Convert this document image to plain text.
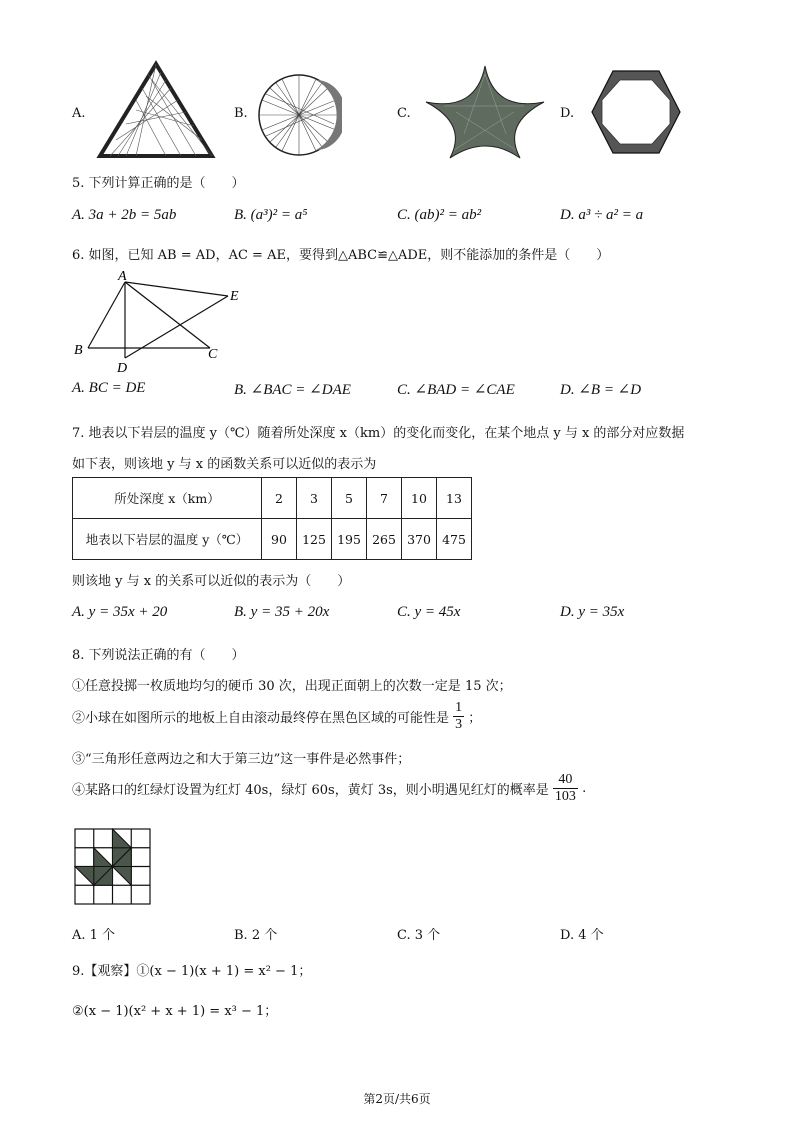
A.	B.	C.	D.
5. 下列计算正确的是（　　）
A. 3a + 2b = 5ab	B. (a³)² = a⁵	C. (ab)² = ab²	D. a³ ÷ a² = a
6. 如图，已知 AB = AD，AC = AE，要得到△ABC≌△ADE，则不能添加的条件是（　　）
A
B	C
D
E
A. BC = DE	B. ∠BAC = ∠DAE	C. ∠BAD = ∠CAE	D. ∠B = ∠D
7. 地表以下岩层的温度 y（℃）随着所处深度 x（km）的变化而变化，在某个地点 y 与 x 的部分对应数据
如下表，则该地 y 与 x 的函数关系可以近似的表示为
所处深度 x（km）	2	3	5	7	10	13
地表以下岩层的温度 y（℃）	90	125	195	265	370	475
则该地 y 与 x 的关系可以近似的表示为（　　）
A. y = 35x + 20	B. y = 35 + 20x	C. y = 45x	D. y = 35x
8. 下列说法正确的有（　　）
①任意投掷一枚质地均匀的硬币 30 次，出现正面朝上的次数一定是 15 次；
②小球在如图所示的地板上自由滚动最终停在黑色区域的可能性是 $\frac{1}{3}$ ；
③“三角形任意两边之和大于第三边”这一事件是必然事件；
④某路口的红绿灯设置为红灯 40s，绿灯 60s，黄灯 3s，则小明遇见红灯的概率是 $\frac{40}{103}$ .
A. 1 个	B. 2 个	C. 3 个	D. 4 个
9.【观察】①(x − 1)(x + 1) = x² − 1；
②(x − 1)(x² + x + 1) = x³ − 1；
第2页/共6页
